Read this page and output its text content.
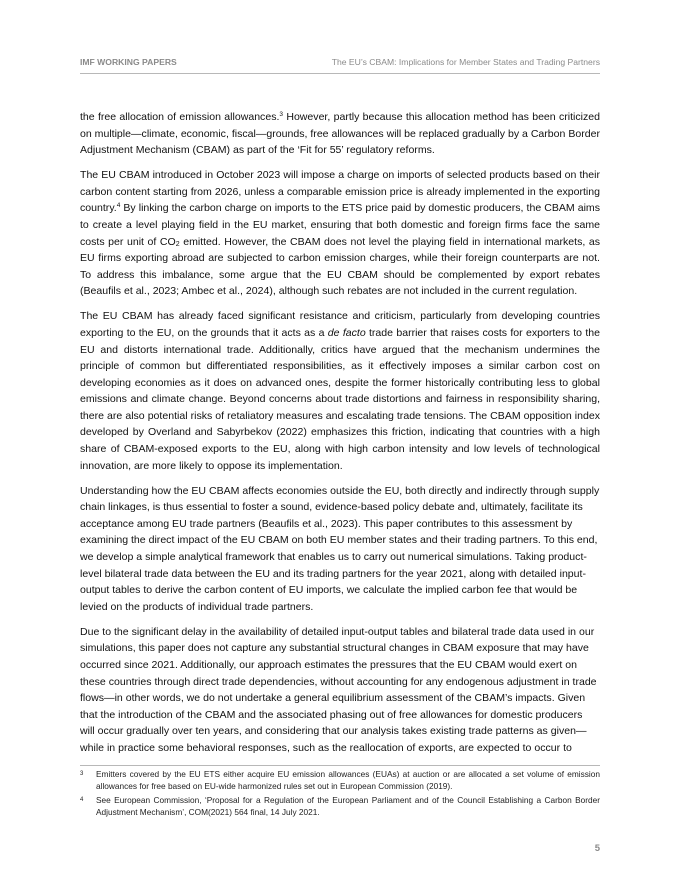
IMF WORKING PAPERS	The EU’s CBAM: Implications for Member States and Trading Partners

the free allocation of emission allowances.$^3$ However, partly because this allocation method has been criticized on multiple—climate, economic, fiscal—grounds, free allowances will be replaced gradually by a Carbon Border Adjustment Mechanism (CBAM) as part of the ‘Fit for 55’ regulatory reforms.

The EU CBAM introduced in October 2023 will impose a charge on imports of selected products based on their carbon content starting from 2026, unless a comparable emission price is already implemented in the exporting country.$^4$ By linking the carbon charge on imports to the ETS price paid by domestic producers, the CBAM aims to create a level playing field in the EU market, ensuring that both domestic and foreign firms face the same costs per unit of $CO_2$ emitted. However, the CBAM does not level the playing field in international markets, as EU firms exporting abroad are subjected to carbon emission charges, while their foreign counterparts are not. To address this imbalance, some argue that the EU CBAM should be complemented by export rebates (Beaufils et al., 2023; Ambec et al., 2024), although such rebates are not included in the current regulation.

The EU CBAM has already faced significant resistance and criticism, particularly from developing countries exporting to the EU, on the grounds that it acts as a de facto trade barrier that raises costs for exporters to the EU and distorts international trade. Additionally, critics have argued that the mechanism undermines the principle of common but differentiated responsibilities, as it effectively imposes a similar carbon cost on developing economies as it does on advanced ones, despite the former historically contributing less to global emissions and climate change. Beyond concerns about trade distortions and fairness in responsibility sharing, there are also potential risks of retaliatory measures and escalating trade tensions. The CBAM opposition index developed by Overland and Sabyrbekov (2022) emphasizes this friction, indicating that countries with a high share of CBAM-exposed exports to the EU, along with high carbon intensity and low levels of technological innovation, are more likely to oppose its implementation.

Understanding how the EU CBAM affects economies outside the EU, both directly and indirectly through supply chain linkages, is thus essential to foster a sound, evidence-based policy debate and, ultimately, facilitate its acceptance among EU trade partners (Beaufils et al., 2023). This paper contributes to this assessment by examining the direct impact of the EU CBAM on both EU member states and their trading partners. To this end, we develop a simple analytical framework that enables us to carry out numerical simulations. Taking product-level bilateral trade data between the EU and its trading partners for the year 2021, along with detailed input-output tables to derive the carbon content of EU imports, we calculate the implied carbon fee that would be levied on the products of individual trade partners.

Due to the significant delay in the availability of detailed input-output tables and bilateral trade data used in our simulations, this paper does not capture any substantial structural changes in CBAM exposure that may have occurred since 2021. Additionally, our approach estimates the pressures that the EU CBAM would exert on these countries through direct trade dependencies, without accounting for any endogenous adjustment in trade flows—in other words, we do not undertake a general equilibrium assessment of the CBAM’s impacts. Given that the introduction of the CBAM and the associated phasing out of free allowances for domestic producers will occur gradually over ten years, and considering that our analysis takes existing trade patterns as given—while in practice some behavioral responses, such as the reallocation of exports, are expected to occur to

3 Emitters covered by the EU ETS either acquire EU emission allowances (EUAs) at auction or are allocated a set volume of emission allowances for free based on EU-wide harmonized rules set out in European Commission (2019).
4 See European Commission, ‘Proposal for a Regulation of the European Parliament and of the Council Establishing a Carbon Border Adjustment Mechanism’, COM(2021) 564 final, 14 July 2021.
5
